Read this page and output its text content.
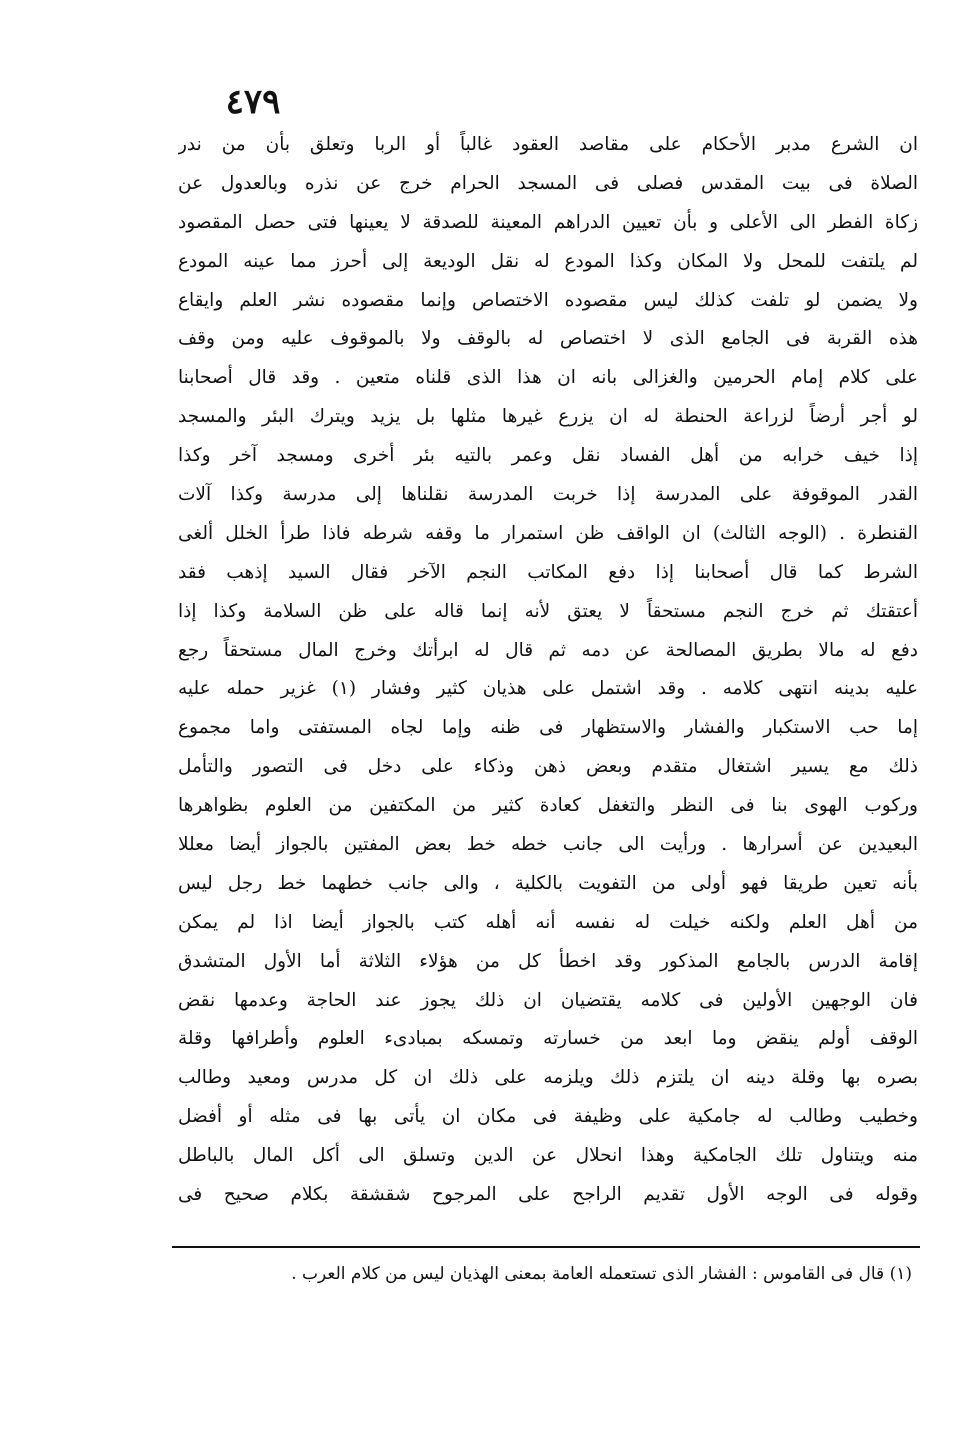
٤٧٩
ان الشرع مدبر الأحكام على مقاصد العقود غالباً أو الربا وتعلق بأن من ندر
الصلاة فى بيت المقدس فصلى فى المسجد الحرام خرج عن نذره وبالعدول عن
زكاة الفطر الى الأعلى و بأن تعيين الدراهم المعينة للصدقة لا يعينها فتى حصل المقصود
لم يلتفت للمحل ولا المكان وكذا المودع له نقل الوديعة إلى أحرز مما عينه المودع
ولا يضمن لو تلفت كذلك ليس مقصوده الاختصاص وإنما مقصوده نشر العلم وايقاع
هذه القربة فى الجامع الذى لا اختصاص له بالوقف ولا بالموقوف عليه ومن وقف
على كلام إمام الحرمين والغزالى بانه ان هذا الذى قلناه متعين . وقد قال أصحابنا
لو أجر أرضاً لزراعة الحنطة له ان يزرع غيرها مثلها بل يزيد ويترك البئر والمسجد
إذا خيف خرابه من أهل الفساد نقل وعمر بالتيه بئر أخرى ومسجد آخر وكذا
القدر الموقوفة على المدرسة إذا خربت المدرسة نقلناها إلى مدرسة وكذا آلات
القنطرة . (الوجه الثالث) ان الواقف ظن استمرار ما وقفه شرطه فاذا طرأ الخلل ألغى
الشرط كما قال أصحابنا إذا دفع المكاتب النجم الآخر فقال السيد إذهب فقد
أعتقتك ثم خرج النجم مستحقاً لا يعتق لأنه إنما قاله على ظن السلامة وكذا إذا
دفع له مالا بطريق المصالحة عن دمه ثم قال له ابرأتك وخرج المال مستحقاً رجع
عليه بدينه انتهى كلامه . وقد اشتمل على هذيان كثير وفشار (١) غزير حمله عليه
إما حب الاستكبار والفشار والاستظهار فى ظنه وإما لجاه المستفتى واما مجموع
ذلك مع يسير اشتغال متقدم وبعض ذهن وذكاء على دخل فى التصور والتأمل
وركوب الهوى بنا فى النظر والتغفل كعادة كثير من المكتفين من العلوم بظواهرها
البعيدين عن أسرارها . ورأيت الى جانب خطه خط بعض المفتين بالجواز أيضا معللا
بأنه تعين طريقا فهو أولى من التفويت بالكلية ، والى جانب خطهما خط رجل ليس
من أهل العلم ولكنه خيلت له نفسه أنه أهله كتب بالجواز أيضا اذا لم يمكن
إقامة الدرس بالجامع المذكور وقد اخطأ كل من هؤلاء الثلاثة أما الأول المتشدق
فان الوجهين الأولين فى كلامه يقتضيان ان ذلك يجوز عند الحاجة وعدمها نقض
الوقف أولم ينقض وما ابعد من خسارته وتمسكه بمبادىء العلوم وأطرافها وقلة
بصره بها وقلة دينه ان يلتزم ذلك ويلزمه على ذلك ان كل مدرس ومعيد وطالب
وخطيب وطالب له جامكية على وظيفة فى مكان ان يأتى بها فى مثله أو أفضل
منه ويتناول تلك الجامكية وهذا انحلال عن الدين وتسلق الى أكل المال بالباطل
وقوله فى الوجه الأول تقديم الراجح على المرجوح شقشقة بكلام صحيح فى
(١) قال فى القاموس : الفشار الذى تستعمله العامة بمعنى الهذيان ليس من كلام العرب .
